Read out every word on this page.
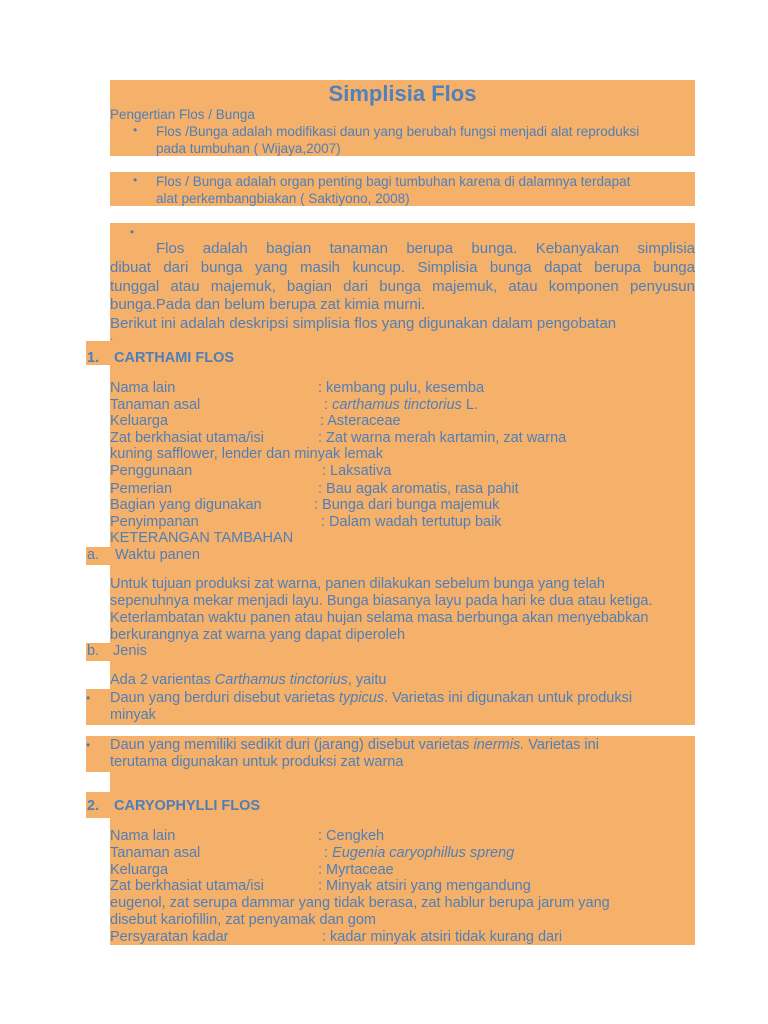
Simplisia Flos
Pengertian Flos / Bunga
• Flos /Bunga adalah modifikasi daun yang berubah fungsi menjadi alat reproduksi
pada tumbuhan ( Wijaya,2007)
• Flos / Bunga adalah organ penting bagi tumbuhan karena di dalamnya terdapat
alat perkembangbiakan ( Saktiyono, 2008)
•
Flos adalah bagian tanaman berupa bunga. Kebanyakan simplisia
dibuat dari bunga yang masih kuncup. Simplisia bunga dapat berupa bunga
tunggal atau majemuk, bagian dari bunga majemuk, atau komponen penyusun
bunga.Pada dan belum berupa zat kimia murni.
Berikut ini adalah deskripsi simplisia flos yang digunakan dalam pengobatan
.
1. CARTHAMI FLOS
Nama lain	: kembang pulu, kesemba
Tanaman asal	: carthamus tinctorius L.
Keluarga	: Asteraceae
Zat berkhasiat utama/isi	: Zat warna merah kartamin, zat warna
kuning safflower, lender dan minyak lemak
Penggunaan	: Laksativa
Pemerian	: Bau agak aromatis, rasa pahit
Bagian yang digunakan	: Bunga dari bunga majemuk
Penyimpanan	: Dalam wadah tertutup baik
KETERANGAN TAMBAHAN
a. Waktu panen
Untuk tujuan produksi zat warna, panen dilakukan sebelum bunga yang telah
sepenuhnya mekar menjadi layu. Bunga biasanya layu pada hari ke dua atau ketiga.
Keterlambatan waktu panen atau hujan selama masa berbunga akan menyebabkan
berkurangnya zat warna yang dapat diperoleh
b. Jenis
Ada 2 varientas Carthamus tinctorius, yaitu
• Daun yang berduri disebut varietas typicus. Varietas ini digunakan untuk produksi
minyak
• Daun yang memiliki sedikit duri (jarang) disebut varietas inermis. Varietas ini
terutama digunakan untuk produksi zat warna
2. CARYOPHYLLI FLOS
Nama lain	: Cengkeh
Tanaman asal	: Eugenia caryophillus spreng
Keluarga	: Myrtaceae
Zat berkhasiat utama/isi	: Minyak atsiri yang mengandung
eugenol, zat serupa dammar yang tidak berasa, zat hablur berupa jarum yang
disebut kariofillin, zat penyamak dan gom
Persyaratan kadar	: kadar minyak atsiri tidak kurang dari
